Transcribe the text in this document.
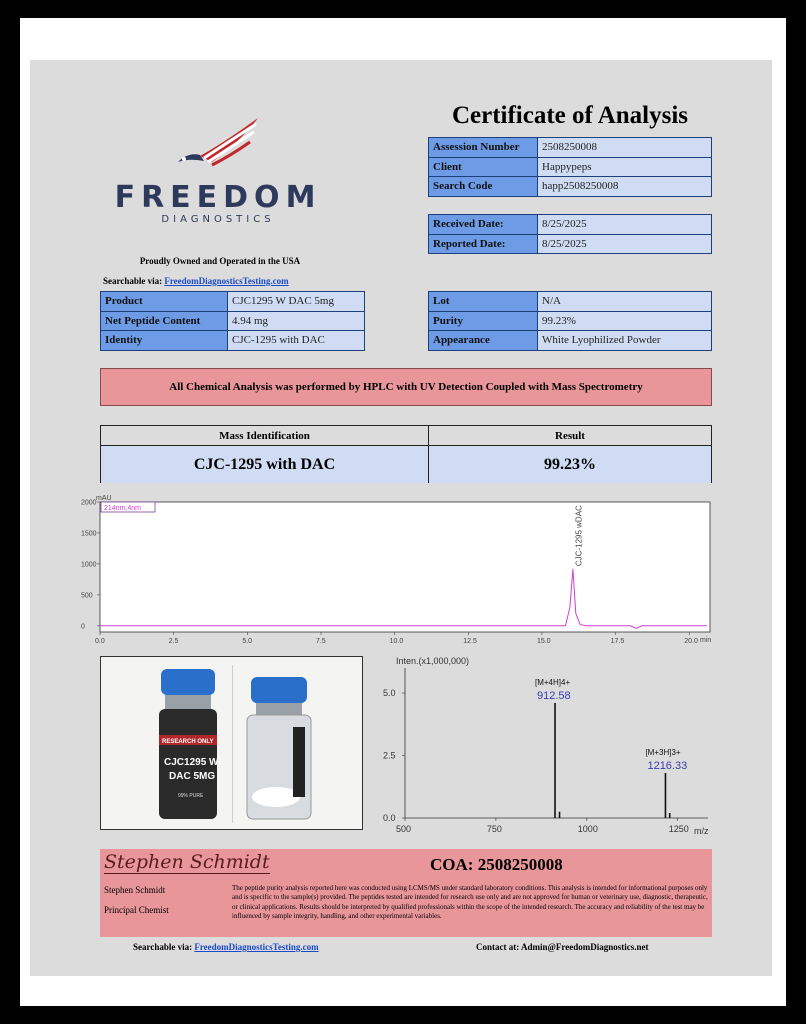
FREEDOM
DIAGNOSTICS
Proudly Owned and Operated in the USA
Searchable via: FreedomDiagnosticsTesting.com
Certificate of Analysis
Assession Number	2508250008
Client	Happypeps
Search Code	happ2508250008
Received Date:	8/25/2025
Reported Date:	8/25/2025
Product	CJC1295 W DAC 5mg
Net Peptide Content	4.94 mg
Identity	CJC-1295 with DAC
Lot	N/A
Purity	99.23%
Appearance	White Lyophilized Powder
All Chemical Analysis was performed by HPLC with UV Detection Coupled with Mass Spectrometry
Mass Identification	Result
CJC-1295 with DAC	99.23%
mAU
214nm,4nm
0.0	2.5	5.0	7.5	10.0	12.5	15.0	17.5	20.0
2000
1500
1000
500
0
CJC-1295 wDAC
min
RESEARCH ONLY
CJC1295 W
DAC 5MG
99% PURE
Inten.(x1,000,000)
500	750	1000	1250
5.0
2.5
0.0
[M+4H]4+
912.58
[M+3H]3+
1216.33
m/z
Stephen Schmidt	COA: 2508250008
Stephen Schmidt
Principal Chemist
The peptide purity analysis reported here was conducted using LCMS/MS under standard laboratory conditions. This analysis is intended for informational purposes only and is specific to the sample(s) provided. The peptides tested are intended for research use only and are not approved for human or veterinary use, diagnostic, therapeutic, or clinical applications. Results should be interpreted by qualified professionals within the scope of the intended research. The accuracy and reliability of the test may be influenced by sample integrity, handling, and other experimental variables.
Searchable via: FreedomDiagnosticsTesting.com	Contact at: Admin@FreedomDiagnostics.net
